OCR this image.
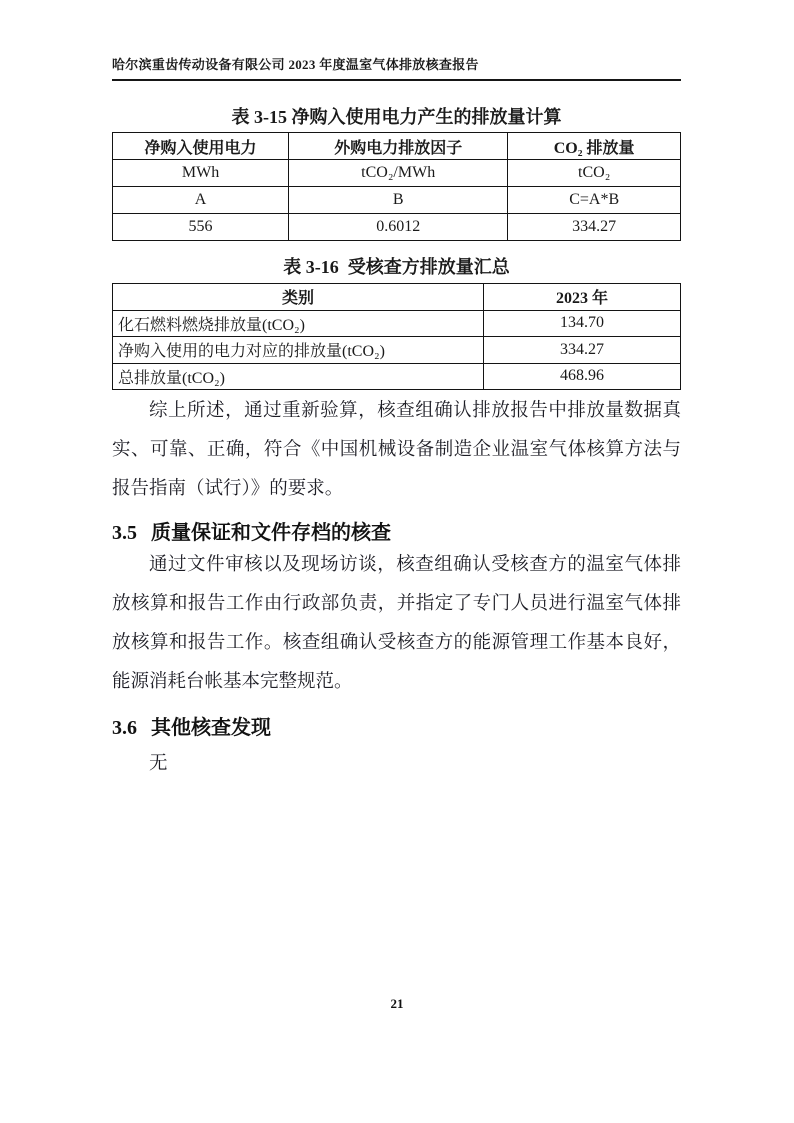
哈尔滨重齿传动设备有限公司 2023 年度温室气体排放核查报告
表 3-15 净购入使用电力产生的排放量计算
净购入使用电力	外购电力排放因子	CO₂ 排放量
MWh	tCO₂/MWh	tCO₂
A	B	C=A*B
556	0.6012	334.27
表 3-16  受核查方排放量汇总
类别	2023 年
化石燃料燃烧排放量(tCO₂)	134.70
净购入使用的电力对应的排放量(tCO₂)	334.27
总排放量(tCO₂)	468.96
综上所述，通过重新验算，核查组确认排放报告中排放量数据真实、可靠、正确，符合《中国机械设备制造企业温室气体核算方法与报告指南（试行）》的要求。
3.5 质量保证和文件存档的核查
通过文件审核以及现场访谈，核查组确认受核查方的温室气体排放核算和报告工作由行政部负责，并指定了专门人员进行温室气体排放核算和报告工作。核查组确认受核查方的能源管理工作基本良好，能源消耗台帐基本完整规范。
3.6 其他核查发现
无
21
